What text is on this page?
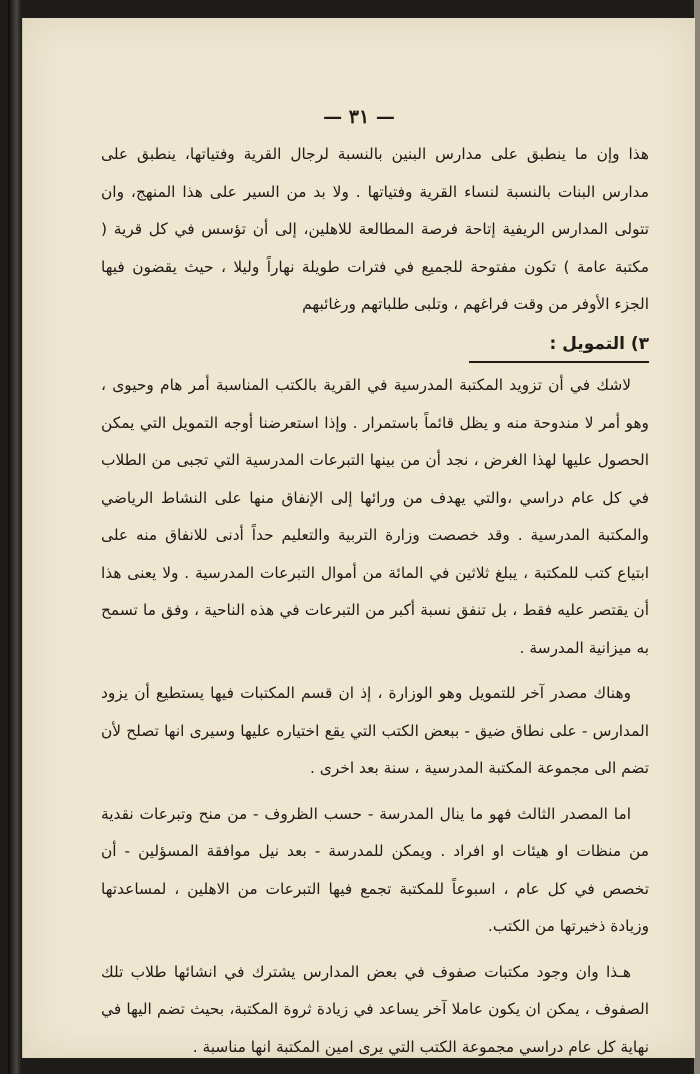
— ٣١ —

هذا وإن ما ينطبق على مدارس البنين بالنسبة لرجال القرية وفتياتها، ينطبق على مدارس البنات بالنسبة لنساء القرية وفتياتها . ولا بد من السير على هذا المنهج، وان تتولى المدارس الريفية إتاحة فرصة المطالعة للاهلين، إلى أن تؤسس في كل قرية ( مكتبة عامة ) تكون مفتوحة للجميع في فترات طويلة نهاراً وليلا ، حيث يقضون فيها الجزء الأوفر من وقت فراغهم ، وتلبى طلباتهم ورغائبهم

٣) التمويل :

لاشك في أن تزويد المكتبة المدرسية في القرية بالكتب المناسبة أمر هام وحيوى ، وهو أمر لا مندوحة منه و يظل قائماً باستمرار . وإذا استعرضنا أوجه التمويل التي يمكن الحصول عليها لهذا الغرض ، نجد أن من بينها التبرعات المدرسية التي تجبى من الطلاب في كل عام دراسي ،والتي يهدف من ورائها إلى الإنفاق منها على النشاط الرياضي والمكتبة المدرسية . وقد خصصت وزارة التربية والتعليم حداً أدنى للانفاق منه على ابتياع كتب للمكتبة ، يبلغ ثلاثين في المائة من أموال التبرعات المدرسية . ولا يعنى هذا أن يقتصر عليه فقط ، بل تنفق نسبة أكبر من التبرعات في هذه الناحية ، وفق ما تسمح به ميزانية المدرسة .

وهناك مصدر آخر للتمويل وهو الوزارة ، إذ ان قسم المكتبات فيها يستطيع أن يزود المدارس - على نطاق ضيق - ببعض الكتب التي يقع اختياره عليها وسيرى انها تصلح لأن تضم الى مجموعة المكتبة المدرسية ، سنة بعد اخرى .

اما المصدر الثالث فهو ما ينال المدرسة - حسب الظروف - من منح وتبرعات نقدية من منظات او هيئات او افراد . ويمكن للمدرسة - بعد نيل موافقة المسؤلين - أن تخصص في كل عام ، اسبوعاً للمكتبة تجمع فيها التبرعات من الاهلين ، لمساعدتها وزيادة ذخيرتها من الكتب.

هـذا وان وجود مكتبات صفوف في بعض المدارس يشترك في انشائها طلاب تلك الصفوف ، يمكن ان يكون عاملا آخر يساعد في زيادة ثروة المكتبة، بحيث تضم اليها في نهاية كل عام دراسي مجموعة الكتب التي يرى امين المكتبة انها مناسبة .
